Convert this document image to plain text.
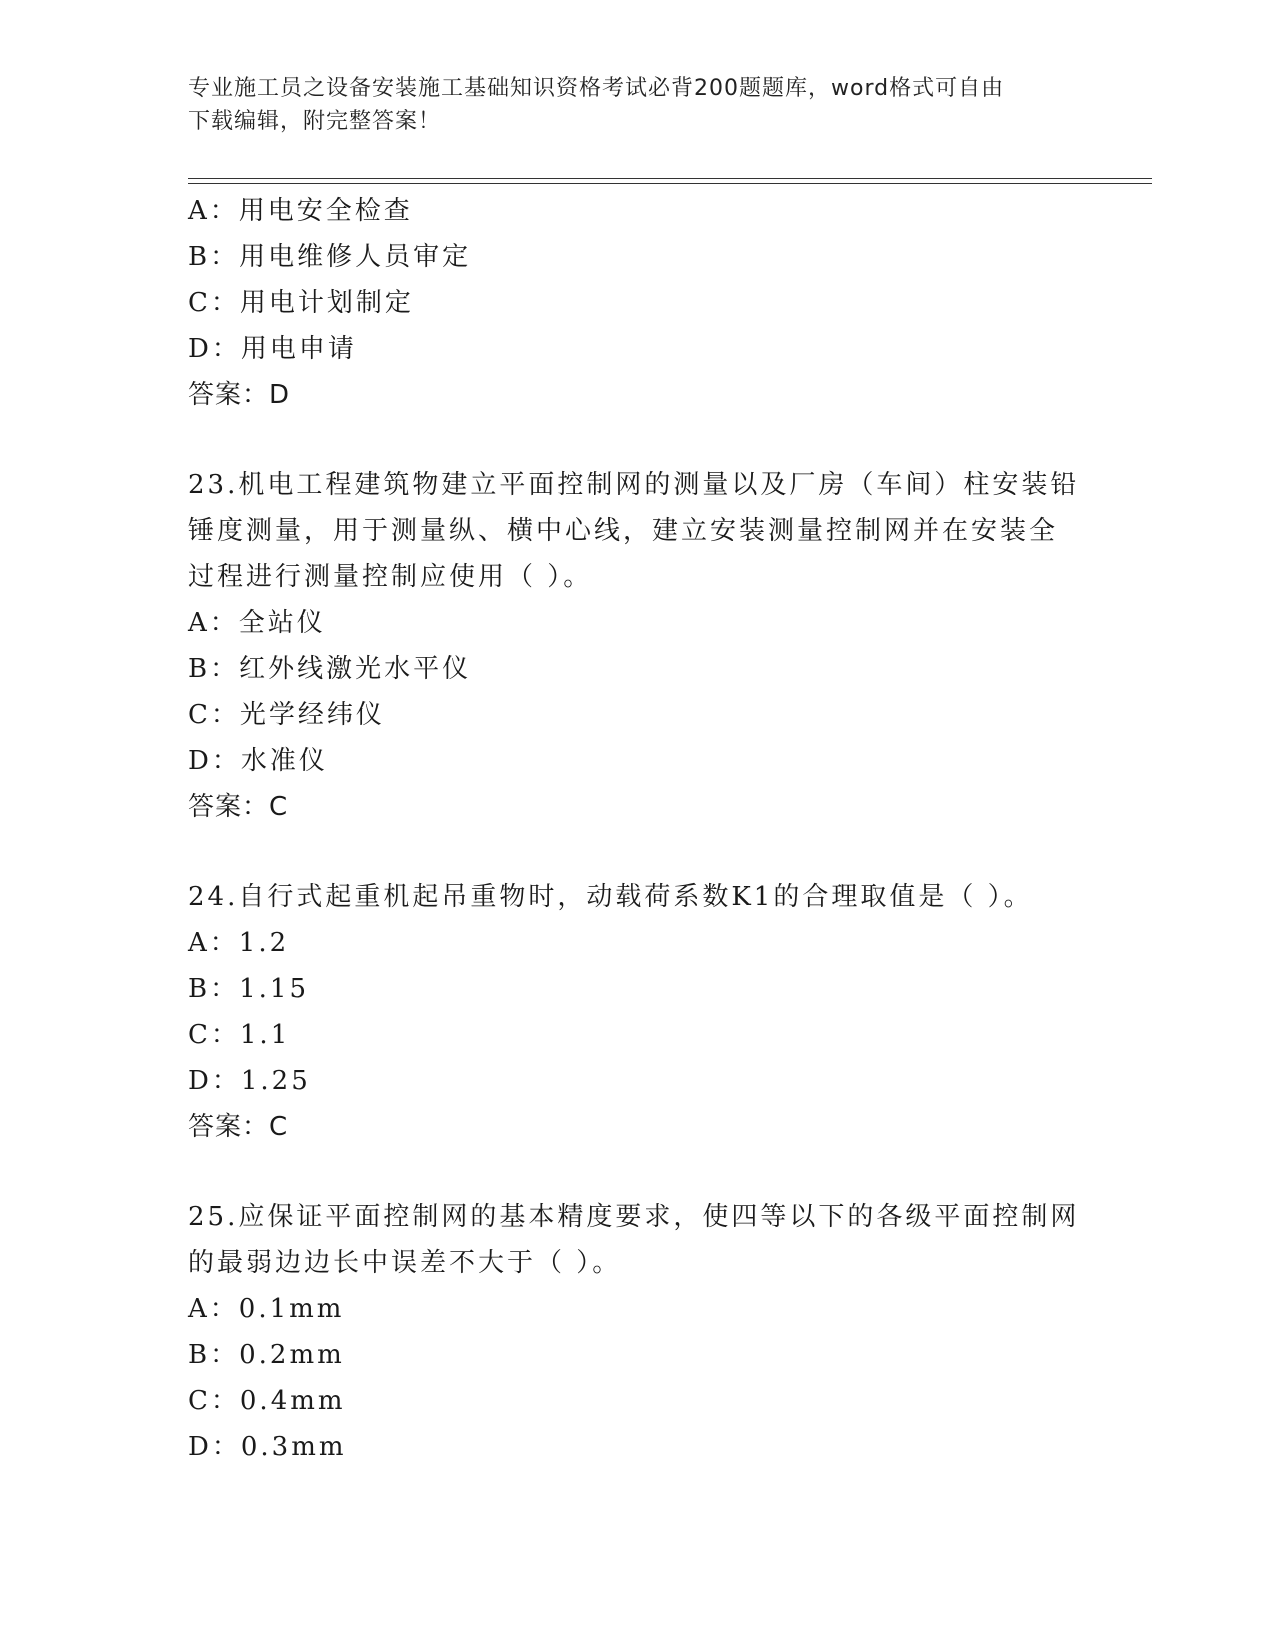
专业施工员之设备安装施工基础知识资格考试必背200题题库，word格式可自由
下载编辑，附完整答案！
A：用电安全检查
B：用电维修人员审定
C：用电计划制定
D：用电申请
答案：D
23.机电工程建筑物建立平面控制网的测量以及厂房（车间）柱安装铅
锤度测量，用于测量纵、横中心线，建立安装测量控制网并在安装全
过程进行测量控制应使用（ ）。
A：全站仪
B：红外线激光水平仪
C：光学经纬仪
D：水准仪
答案：C
24.自行式起重机起吊重物时，动载荷系数K1的合理取值是（ ）。
A：1.2
B：1.15
C：1.1
D：1.25
答案：C
25.应保证平面控制网的基本精度要求，使四等以下的各级平面控制网
的最弱边边长中误差不大于（ ）。
A：0.1mm
B：0.2mm
C：0.4mm
D：0.3mm
